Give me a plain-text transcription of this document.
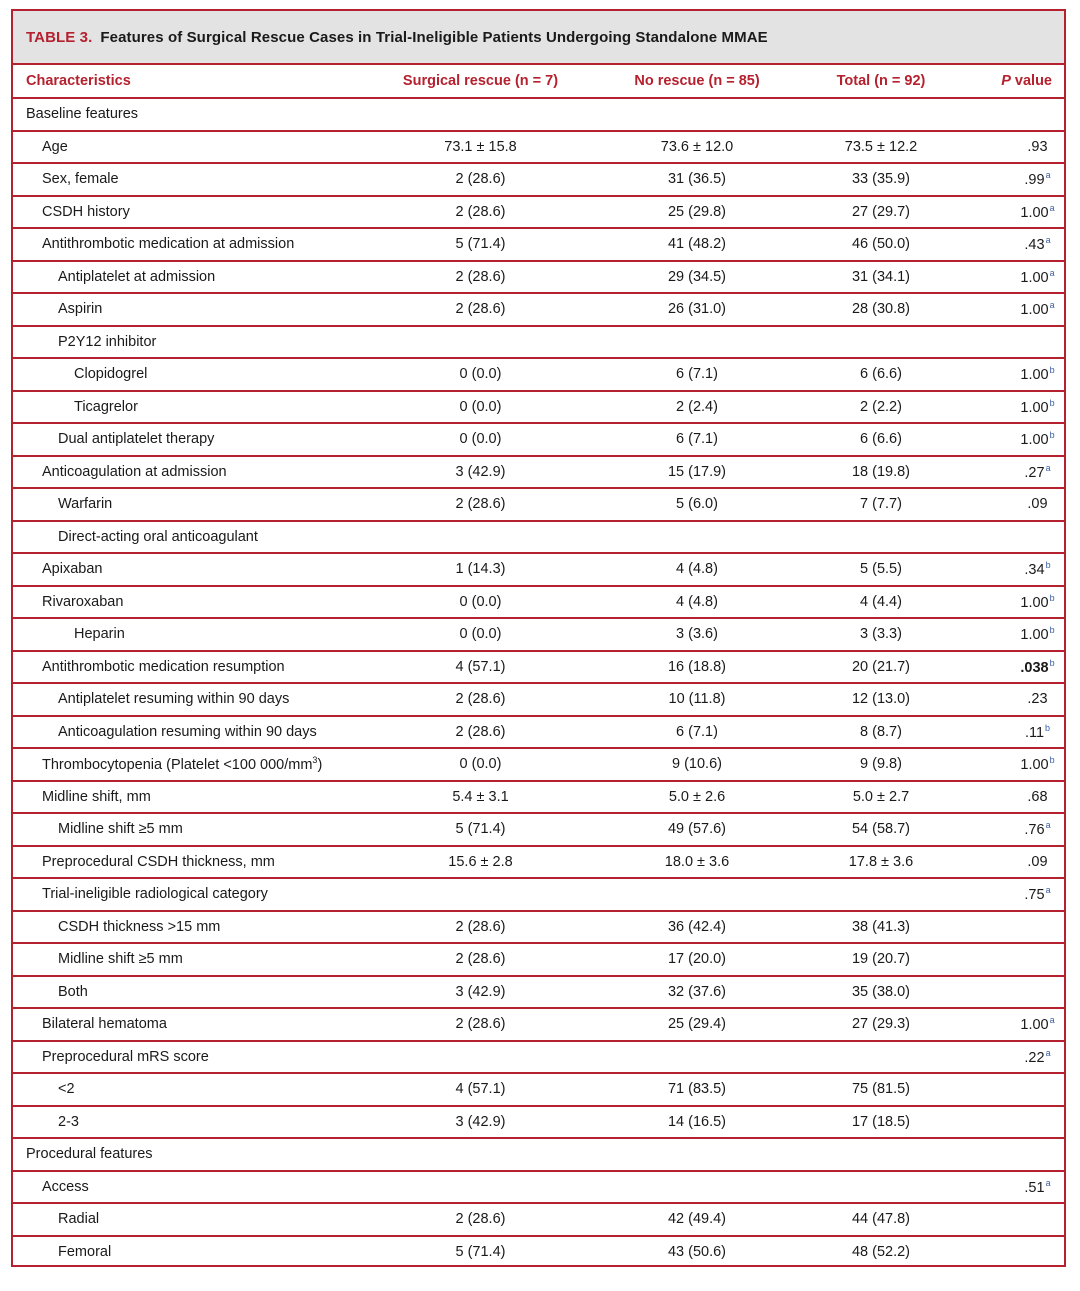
TABLE 3. Features of Surgical Rescue Cases in Trial-Ineligible Patients Undergoing Standalone MMAE
Characteristics	Surgical rescue (n = 7)	No rescue (n = 85)	Total (n = 92)	P value
Baseline features				
Age	73.1 ± 15.8	73.6 ± 12.0	73.5 ± 12.2	.93
Sex, female	2 (28.6)	31 (36.5)	33 (35.9)	.99$^a$
CSDH history	2 (28.6)	25 (29.8)	27 (29.7)	1.00$^a$
Antithrombotic medication at admission	5 (71.4)	41 (48.2)	46 (50.0)	.43$^a$
Antiplatelet at admission	2 (28.6)	29 (34.5)	31 (34.1)	1.00$^a$
Aspirin	2 (28.6)	26 (31.0)	28 (30.8)	1.00$^a$
P2Y12 inhibitor				
Clopidogrel	0 (0.0)	6 (7.1)	6 (6.6)	1.00$^b$
Ticagrelor	0 (0.0)	2 (2.4)	2 (2.2)	1.00$^b$
Dual antiplatelet therapy	0 (0.0)	6 (7.1)	6 (6.6)	1.00$^b$
Anticoagulation at admission	3 (42.9)	15 (17.9)	18 (19.8)	.27$^a$
Warfarin	2 (28.6)	5 (6.0)	7 (7.7)	.09
Direct-acting oral anticoagulant				
Apixaban	1 (14.3)	4 (4.8)	5 (5.5)	.34$^b$
Rivaroxaban	0 (0.0)	4 (4.8)	4 (4.4)	1.00$^b$
Heparin	0 (0.0)	3 (3.6)	3 (3.3)	1.00$^b$
Antithrombotic medication resumption	4 (57.1)	16 (18.8)	20 (21.7)	.038$^b$
Antiplatelet resuming within 90 days	2 (28.6)	10 (11.8)	12 (13.0)	.23
Anticoagulation resuming within 90 days	2 (28.6)	6 (7.1)	8 (8.7)	.11$^b$
Thrombocytopenia (Platelet <100 $000/mm^3$)	0 (0.0)	9 (10.6)	9 (9.8)	1.00$^b$
Midline shift, mm	5.4 ± 3.1	5.0 ± 2.6	5.0 ± 2.7	.68
Midline shift ≥5 mm	5 (71.4)	49 (57.6)	54 (58.7)	.76$^a$
Preprocedural CSDH thickness, mm	15.6 ± 2.8	18.0 ± 3.6	17.8 ± 3.6	.09
Trial-ineligible radiological category				.75$^a$
CSDH thickness >15 mm	2 (28.6)	36 (42.4)	38 (41.3)	
Midline shift ≥5 mm	2 (28.6)	17 (20.0)	19 (20.7)	
Both	3 (42.9)	32 (37.6)	35 (38.0)	
Bilateral hematoma	2 (28.6)	25 (29.4)	27 (29.3)	1.00$^a$
Preprocedural mRS score				.22$^a$
<2	4 (57.1)	71 (83.5)	75 (81.5)	
2-3	3 (42.9)	14 (16.5)	17 (18.5)	
Procedural features				
Access				.51$^a$
Radial	2 (28.6)	42 (49.4)	44 (47.8)	
Femoral	5 (71.4)	43 (50.6)	48 (52.2)	
